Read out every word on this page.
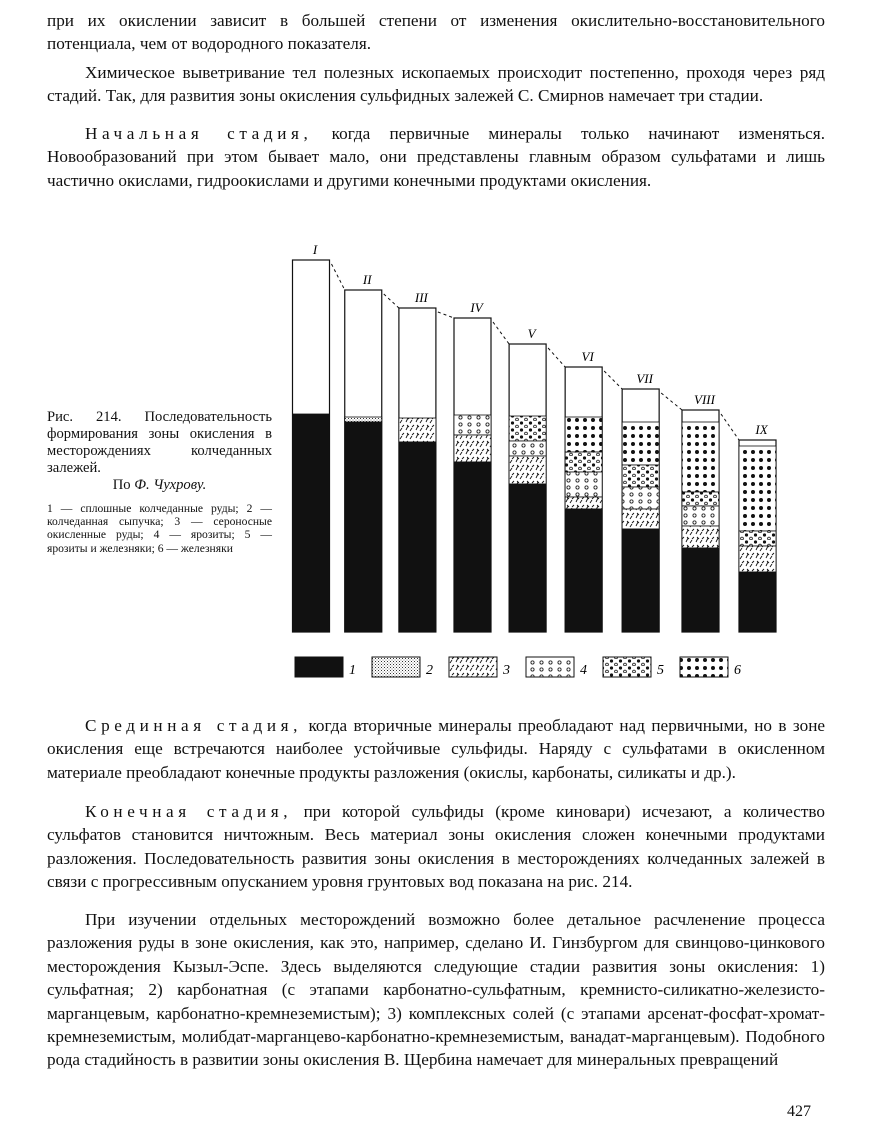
при их окислении зависит в большей степени от изменения окислительно-восстановительного потенциала, чем от водородного показателя.

Химическое выветривание тел полезных ископаемых происходит постепенно, проходя через ряд стадий. Так, для развития зоны окисления сульфидных залежей С. Смирнов намечает три стадии.

Начальная стадия, когда первичные минералы только начинают изменяться. Новообразований при этом бывает мало, они представлены главным образом сульфатами и лишь частично окислами, гидроокислами и другими конечными продуктами окисления.

Рис. 214. Последовательность формирования зоны окисления в месторождениях колчеданных залежей.
По Ф. Чухрову.
1 — сплошные колчеданные руды; 2 — колчеданная сыпучка; 3 — сероносные окисленные руды; 4 — ярозиты; 5 — ярозиты и железняки; 6 — железняки
I
II
III
IV
V
VI
VII
VIII
IX
1	2	3	4	5	6

Срединная стадия, когда вторичные минералы преобладают над первичными, но в зоне окисления еще встречаются наиболее устойчивые сульфиды. Наряду с сульфатами в окисленном материале преобладают конечные продукты разложения (окислы, карбонаты, силикаты и др.).

Конечная стадия, при которой сульфиды (кроме киновари) исчезают, а количество сульфатов становится ничтожным. Весь материал зоны окисления сложен конечными продуктами разложения. Последовательность развития зоны окисления в месторождениях колчеданных залежей в связи с прогрессивным опусканием уровня грунтовых вод показана на рис. 214.

При изучении отдельных месторождений возможно более детальное расчленение процесса разложения руды в зоне окисления, как это, например, сделано И. Гинзбургом для свинцово-цинкового месторождения Кызыл-Эспе. Здесь выделяются следующие стадии развития зоны окисления: 1) сульфатная; 2) карбонатная (с этапами карбонатно-сульфатным, кремнисто-силикатно-железисто-марганцевым, карбонатно-кремнеземистым); 3) комплексных солей (с этапами арсенат-фосфат-хромат-кремнеземистым, молибдат-марганцево-карбонатно-кремнеземистым, ванадат-марганцевым). Подобного рода стадийность в развитии зоны окисления В. Щербина намечает для минеральных превращений

427
